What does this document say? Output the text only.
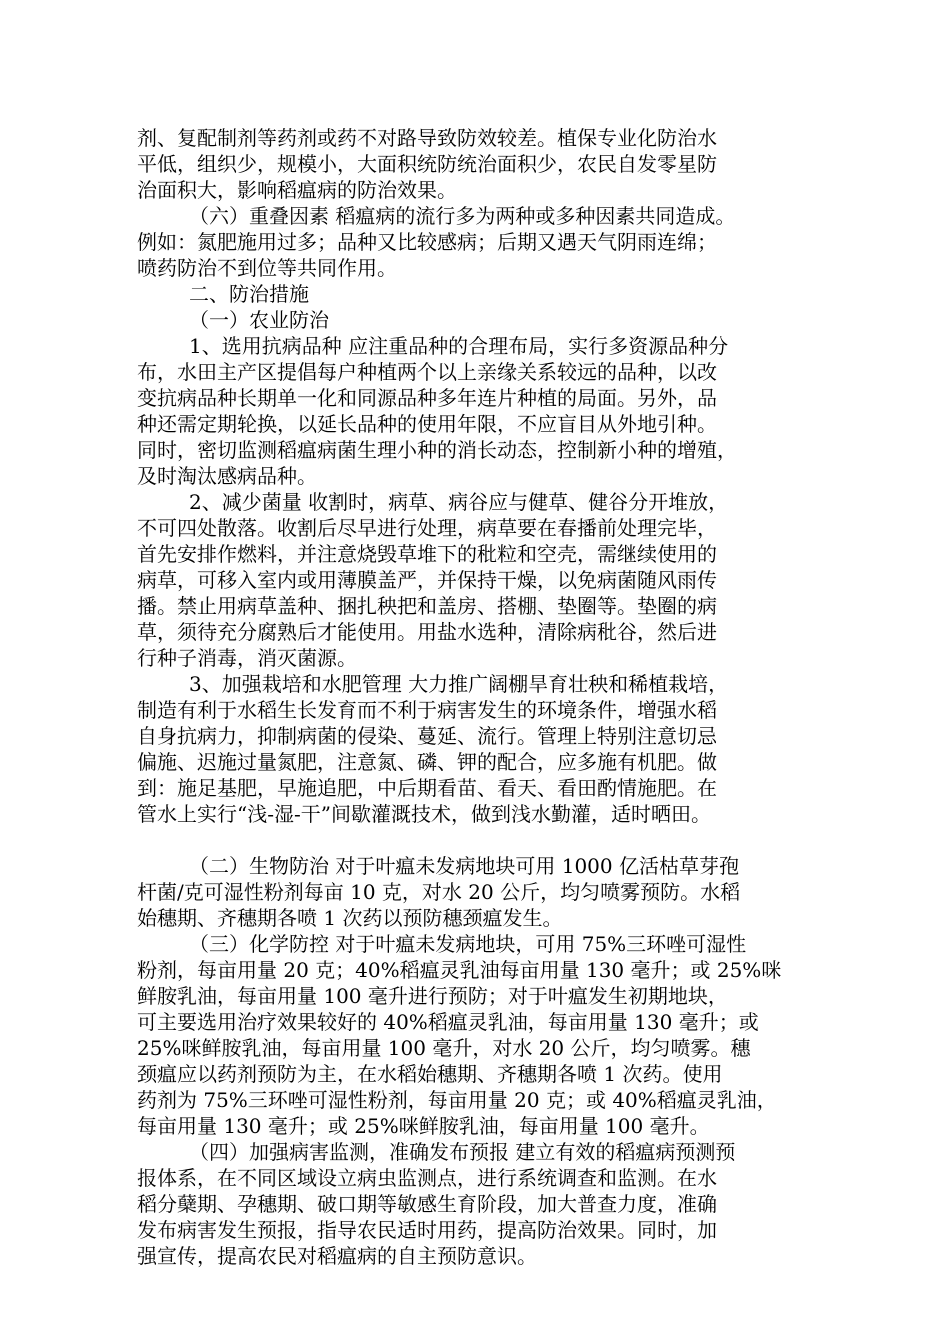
剂、复配制剂等药剂或药不对路导致防效较差。植保专业化防治水
平低，组织少，规模小，大面积统防统治面积少，农民自发零星防
治面积大，影响稻瘟病的防治效果。
（六）重叠因素 稻瘟病的流行多为两种或多种因素共同造成。
例如：氮肥施用过多；品种又比较感病；后期又遇天气阴雨连绵；
喷药防治不到位等共同作用。
二、防治措施
（一）农业防治
1、选用抗病品种 应注重品种的合理布局，实行多资源品种分
布，水田主产区提倡每户种植两个以上亲缘关系较远的品种，以改
变抗病品种长期单一化和同源品种多年连片种植的局面。另外，品
种还需定期轮换，以延长品种的使用年限，不应盲目从外地引种。
同时，密切监测稻瘟病菌生理小种的消长动态，控制新小种的增殖，
及时淘汰感病品种。
2、减少菌量 收割时，病草、病谷应与健草、健谷分开堆放，
不可四处散落。收割后尽早进行处理，病草要在春播前处理完毕，
首先安排作燃料，并注意烧毁草堆下的秕粒和空壳，需继续使用的
病草，可移入室内或用薄膜盖严，并保持干燥，以免病菌随风雨传
播。禁止用病草盖种、捆扎秧把和盖房、搭棚、垫圈等。垫圈的病
草，须待充分腐熟后才能使用。用盐水选种，清除病秕谷，然后进
行种子消毒，消灭菌源。
3、加强栽培和水肥管理 大力推广阔棚旱育壮秧和稀植栽培，
制造有利于水稻生长发育而不利于病害发生的环境条件，增强水稻
自身抗病力，抑制病菌的侵染、蔓延、流行。管理上特别注意切忌
偏施、迟施过量氮肥，注意氮、磷、钾的配合，应多施有机肥。做
到：施足基肥，早施追肥，中后期看苗、看天、看田酌情施肥。在
管水上实行“浅-湿-干”间歇灌溉技术，做到浅水勤灌，适时晒田。
（二）生物防治 对于叶瘟未发病地块可用 1000 亿活枯草芽孢
杆菌/克可湿性粉剂每亩 10 克，对水 20 公斤，均匀喷雾预防。水稻
始穗期、齐穗期各喷 1 次药以预防穗颈瘟发生。
（三）化学防控 对于叶瘟未发病地块，可用 75%三环唑可湿性
粉剂，每亩用量 20 克；40%稻瘟灵乳油每亩用量 130 毫升；或 25%咪
鲜胺乳油，每亩用量 100 毫升进行预防；对于叶瘟发生初期地块，
可主要选用治疗效果较好的 40%稻瘟灵乳油，每亩用量 130 毫升；或
25%咪鲜胺乳油，每亩用量 100 毫升，对水 20 公斤，均匀喷雾。穗
颈瘟应以药剂预防为主，在水稻始穗期、齐穗期各喷 1 次药。使用
药剂为 75%三环唑可湿性粉剂，每亩用量 20 克；或 40%稻瘟灵乳油，
每亩用量 130 毫升；或 25%咪鲜胺乳油，每亩用量 100 毫升。
（四）加强病害监测，准确发布预报 建立有效的稻瘟病预测预
报体系，在不同区域设立病虫监测点，进行系统调查和监测。在水
稻分蘖期、孕穗期、破口期等敏感生育阶段，加大普查力度，准确
发布病害发生预报，指导农民适时用药，提高防治效果。同时，加
强宣传，提高农民对稻瘟病的自主预防意识。
